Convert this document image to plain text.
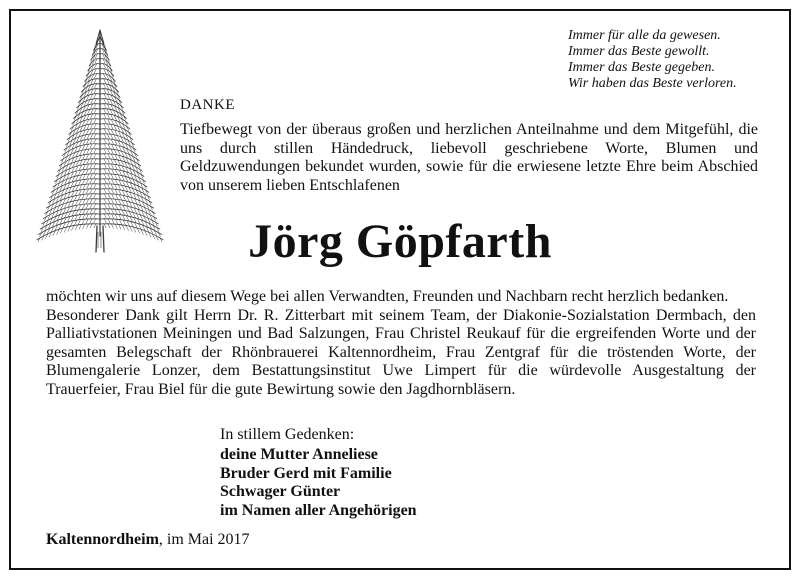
Immer für alle da gewesen.
Immer das Beste gewollt.
Immer das Beste gegeben.
Wir haben das Beste verloren.
DANKE
Tiefbewegt von der überaus großen und herzlichen Anteilnahme und dem Mitgefühl, die uns durch stillen Händedruck, liebevoll geschriebene Worte, Blumen und Geldzuwendungen bekundet wurden, sowie für die erwiesene letzte Ehre beim Abschied von unserem lieben Entschlafenen
Jörg Göpfarth

möchten wir uns auf diesem Wege bei allen Verwandten, Freunden und Nachbarn recht herzlich bedanken.

Besonderer Dank gilt Herrn Dr. R. Zitterbart mit seinem Team, der Diakonie-Sozialstation Dermbach, den Palliativstationen Meiningen und Bad Salzungen, Frau Christel Reukauf für die ergreifenden Worte und der gesamten Belegschaft der Rhönbrauerei Kaltennordheim, Frau Zentgraf für die tröstenden Worte, der Blumengalerie Lonzer, dem Bestattungsinstitut Uwe Limpert für die würdevolle Ausgestaltung der Trauerfeier, Frau Biel für die gute Bewirtung sowie den Jagdhornbläsern.

In stillem Gedenken:
deine Mutter Anneliese
Bruder Gerd mit Familie
Schwager Günter
im Namen aller Angehörigen
Kaltennordheim, im Mai 2017
